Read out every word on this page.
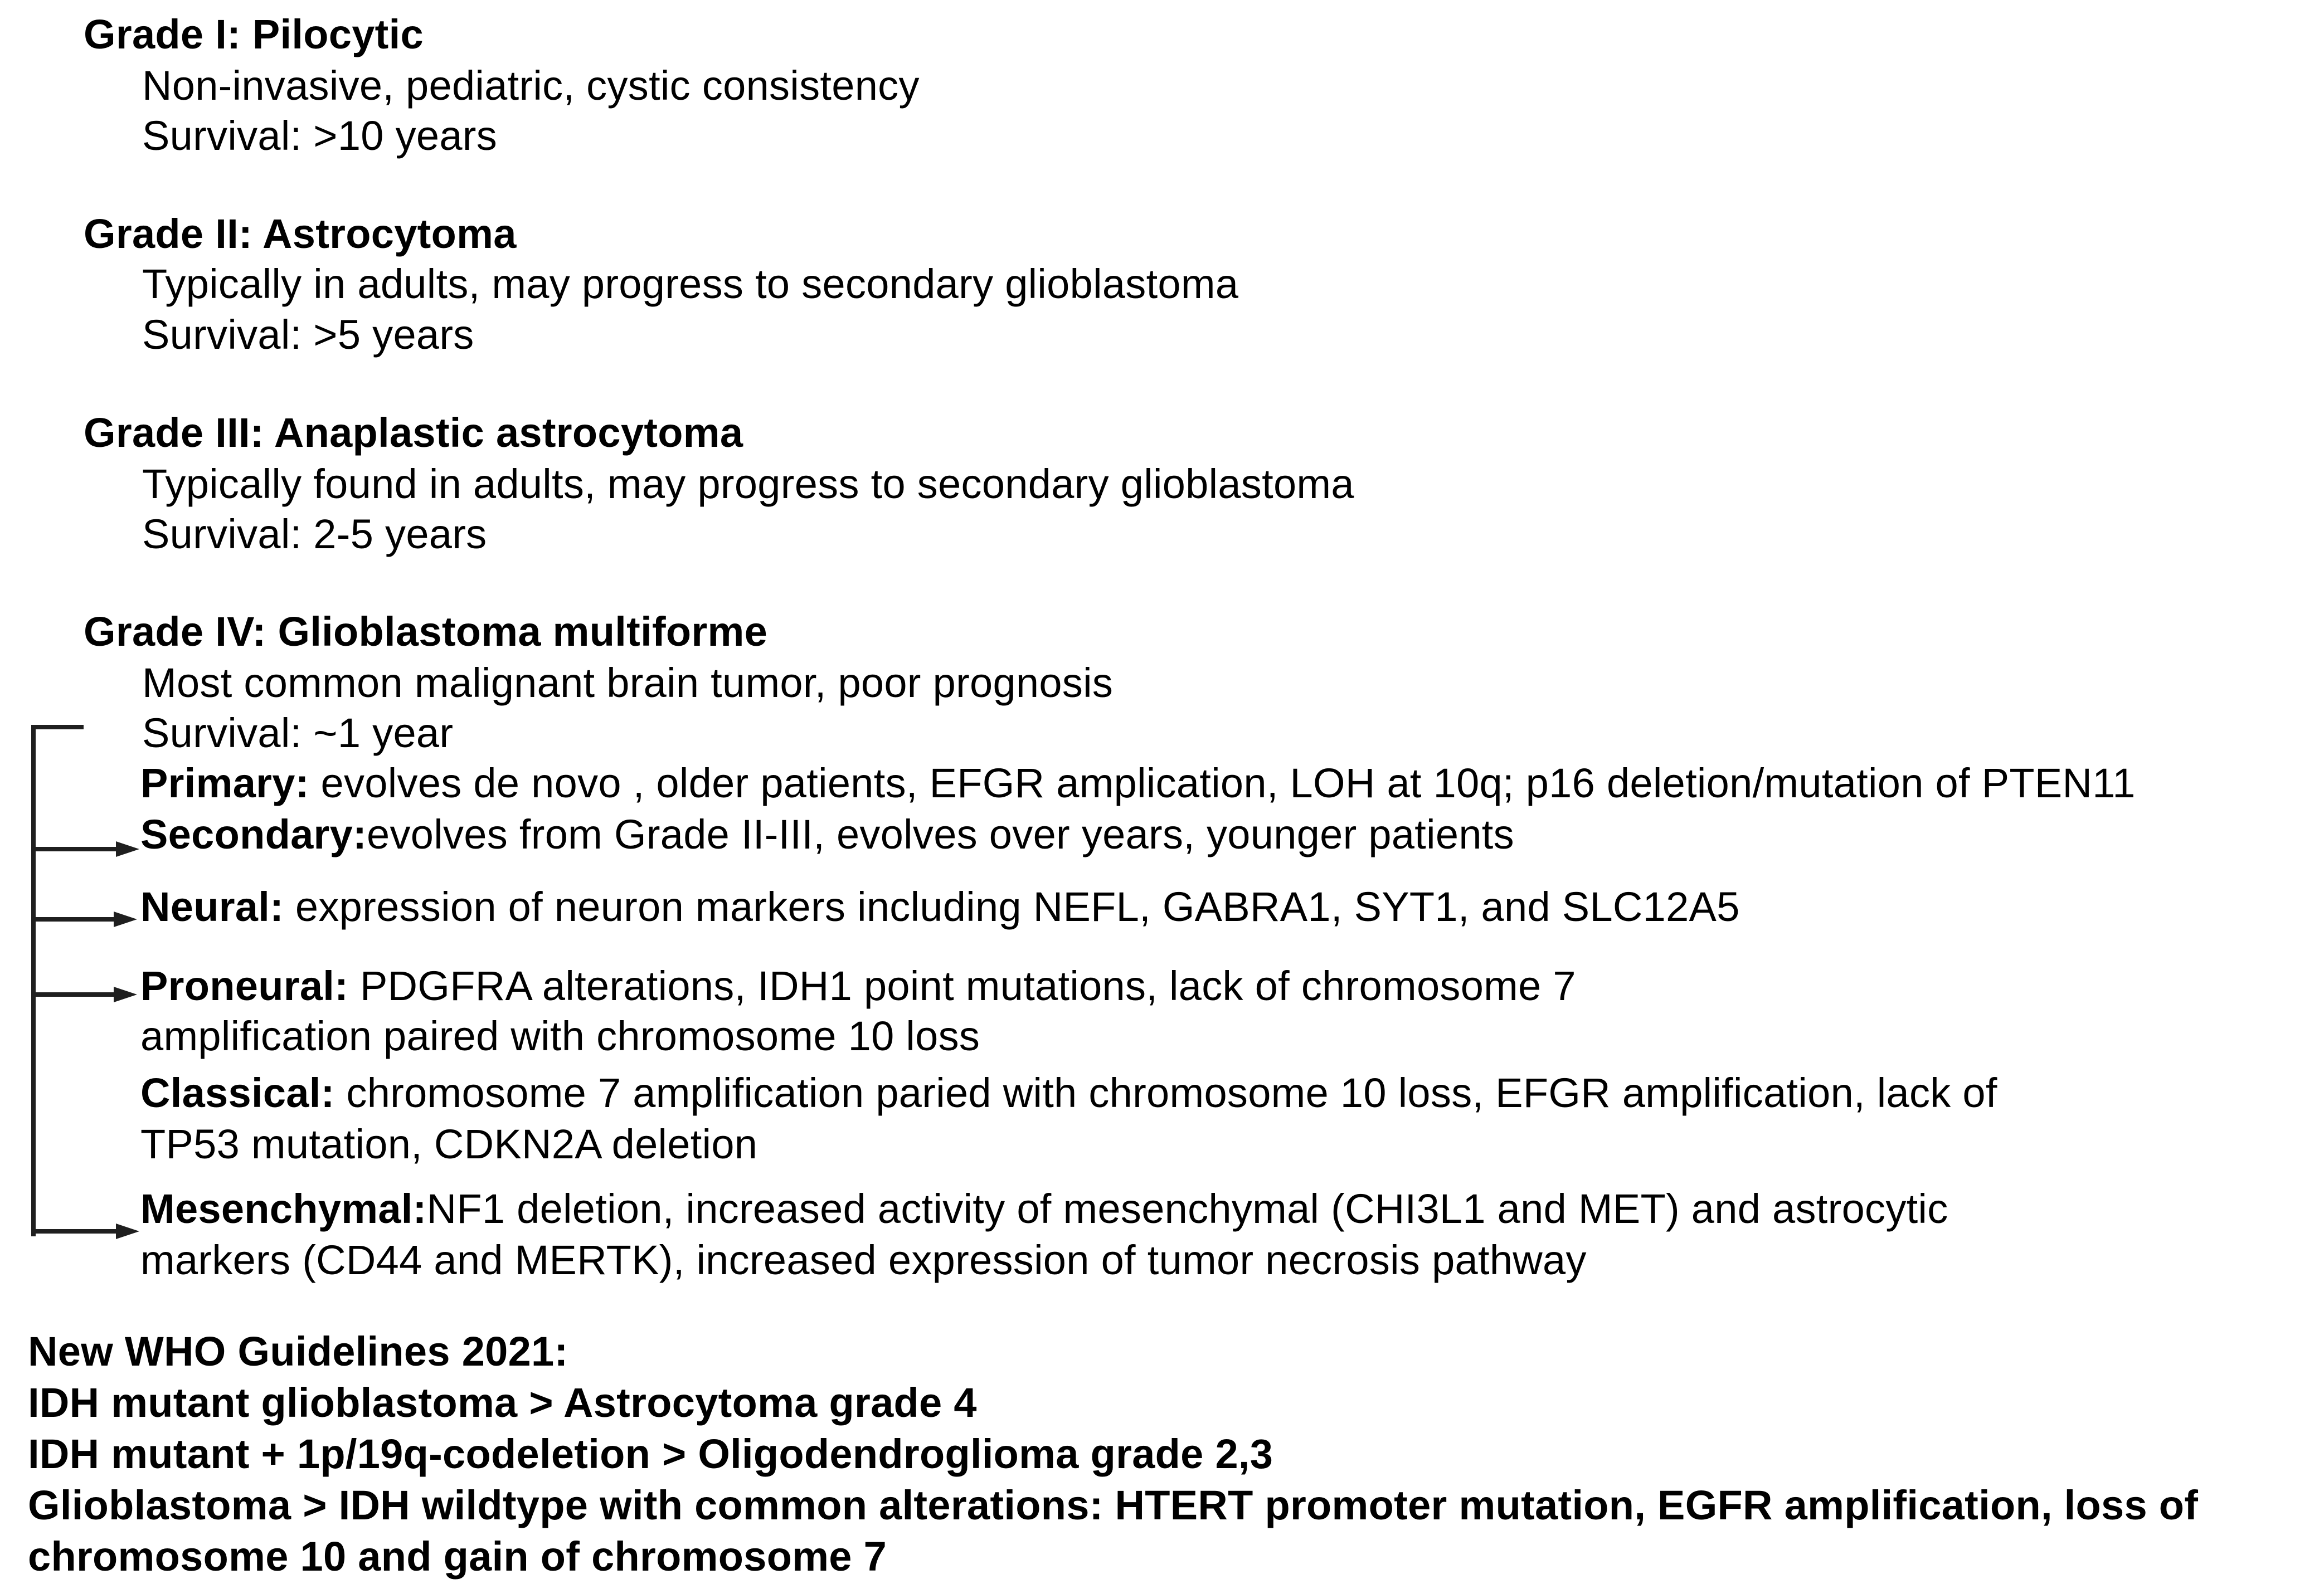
Grade I: Pilocytic
Non-invasive, pediatric, cystic consistency
Survival: >10 years
Grade II: Astrocytoma
Typically in adults, may progress to secondary glioblastoma
Survival: >5 years
Grade III: Anaplastic astrocytoma
Typically found in adults, may progress to secondary glioblastoma
Survival: 2-5 years
Grade IV: Glioblastoma multiforme
Most common malignant brain tumor, poor prognosis
Survival: ~1 year
Primary: evolves de novo , older patients, EFGR amplication, LOH at 10q; p16 deletion/mutation of PTEN11
Secondary:evolves from Grade II-III, evolves over years, younger patients
Neural: expression of neuron markers including NEFL, GABRA1, SYT1, and SLC12A5
Proneural: PDGFRA alterations, IDH1 point mutations, lack of chromosome 7
amplification paired with chromosome 10 loss
Classical: chromosome 7 amplification paried with chromosome 10 loss, EFGR amplification, lack of
TP53 mutation, CDKN2A deletion
Mesenchymal:NF1 deletion, increased activity of mesenchymal (CHI3L1 and MET) and astrocytic
markers (CD44 and MERTK), increased expression of tumor necrosis pathway
New WHO Guidelines 2021:
IDH mutant glioblastoma > Astrocytoma grade 4
IDH mutant + 1p/19q-codeletion > Oligodendroglioma grade 2,3
Glioblastoma > IDH wildtype with common alterations: HTERT promoter mutation, EGFR amplification, loss of
chromosome 10 and gain of chromosome 7
